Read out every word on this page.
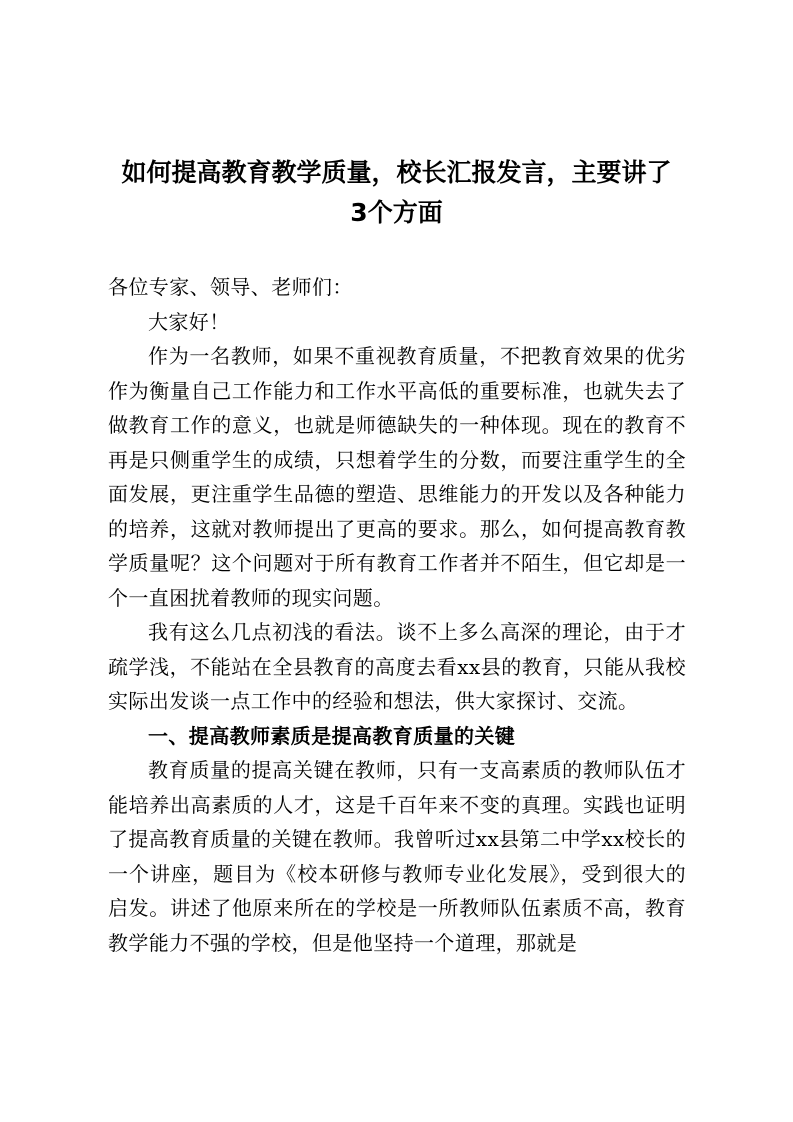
如何提高教育教学质量，校长汇报发言，主要讲了
3个方面

各位专家、领导、老师们：

大家好！

作为一名教师，如果不重视教育质量，不把教育效果的优劣作为衡量自己工作能力和工作水平高低的重要标准，也就失去了做教育工作的意义，也就是师德缺失的一种体现。现在的教育不再是只侧重学生的成绩，只想着学生的分数，而要注重学生的全面发展，更注重学生品德的塑造、思维能力的开发以及各种能力的培养，这就对教师提出了更高的要求。那么，如何提高教育教学质量呢？这个问题对于所有教育工作者并不陌生，但它却是一个一直困扰着教师的现实问题。

我有这么几点初浅的看法。谈不上多么高深的理论，由于才疏学浅，不能站在全县教育的高度去看xx县的教育，只能从我校实际出发谈一点工作中的经验和想法，供大家探讨、交流。

一、提高教师素质是提高教育质量的关键

教育质量的提高关键在教师，只有一支高素质的教师队伍才能培养出高素质的人才，这是千百年来不变的真理。实践也证明了提高教育质量的关键在教师。我曾听过xx县第二中学xx校长的一个讲座，题目为《校本研修与教师专业化发展》，受到很大的启发。讲述了他原来所在的学校是一所教师队伍素质不高，教育教学能力不强的学校，但是他坚持一个道理，那就是
